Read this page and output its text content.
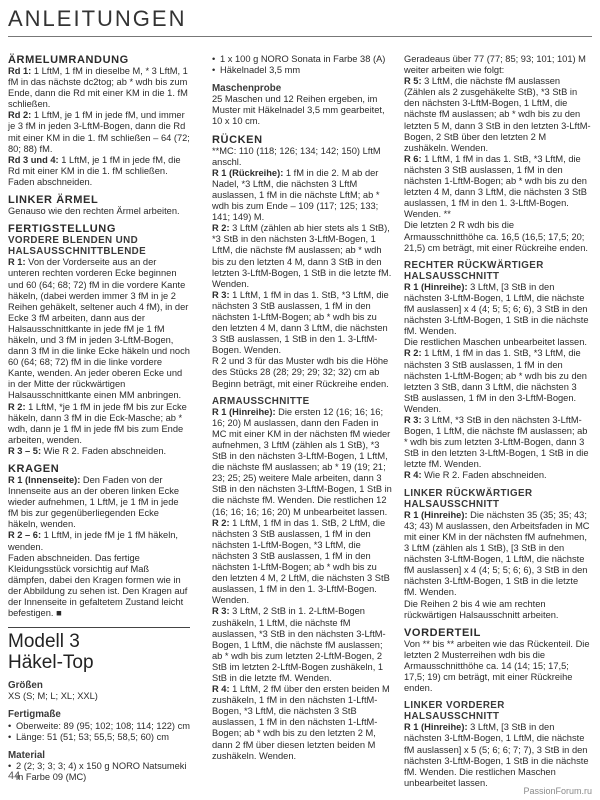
ANLEITUNGEN
ÄRMELUMRANDUNG

Rd 1: 1 LftM, 1 fM in dieselbe M, * 3 LftM, 1 fM in das nächste dc2tog; ab * wdh bis zum Ende, dann die Rd mit einer KM in die 1. fM schließen.

Rd 2: 1 LftM, je 1 fM in jede fM, und immer je 3 fM in jeden 3-LftM-Bogen, dann die Rd mit einer KM in die 1. fM schließen – 64 (72; 80; 88) fM.

Rd 3 und 4: 1 LftM, je 1 fM in jede fM, die Rd mit einer KM in die 1. fM schließen. Faden abschneiden.

LINKER ÄRMEL

Genauso wie den rechten Ärmel arbeiten.

FERTIGSTELLUNG
VORDERE BLENDEN UND HALSAUSSCHNITTBLENDE

R 1: Von der Vorderseite aus an der unteren rechten vorderen Ecke beginnen und 60 (64; 68; 72) fM in die vordere Kante häkeln, (dabei werden immer 3 fM in je 2 Reihen gehäkelt, seltener auch 4 fM), in der Ecke 3 fM arbeiten, dann aus der Halsausschnittkante in jede fM je 1 fM häkeln, und 3 fM in jeden 3-LftM-Bogen, dann 3 fM in die linke Ecke häkeln und noch 60 (64; 68; 72) fM in die linke vordere Kante, wenden. An jeder oberen Ecke und in der Mitte der rückwärtigen Halsausschnittkante einen MM anbringen.

R 2: 1 LftM, *je 1 fM in jede fM bis zur Ecke häkeln, dann 3 fM in die Eck-Masche; ab * wdh, dann je 1 fM in jede fM bis zum Ende arbeiten, wenden.

R 3 – 5: Wie R 2. Faden abschneiden.

KRAGEN

R 1 (Innenseite): Den Faden von der Innenseite aus an der oberen linken Ecke wieder aufnehmen, 1 LftM, je 1 fM in jede fM bis zur gegenüberliegenden Ecke häkeln, wenden.

R 2 – 6: 1 LftM, in jede fM je 1 fM häkeln, wenden.

Faden abschneiden. Das fertige Kleidungsstück vorsichtig auf Maß dämpfen, dabei den Kragen formen wie in der Abbildung zu sehen ist. Den Kragen auf der Innenseite in gefaltetem Zustand leicht befestigen. ■

Modell 3
Häkel-Top
Größen

XS (S; M; L; XL; XXL)

Fertigmaße
• Oberweite: 89 (95; 102; 108; 114; 122) cm
• Länge: 51 (51; 53; 55,5; 58,5; 60) cm
Material
• 2 (2; 3; 3; 3; 4) x 150 g NORO Natsumeki in Farbe 09 (MC)
• 1 x 100 g NORO Sonata in Farbe 38 (A)
• Häkelnadel 3,5 mm
Maschenprobe

25 Maschen und 12 Reihen ergeben, im Muster mit Häkelnadel 3,5 mm gearbeitet, 10 x 10 cm.

RÜCKEN

**MC: 110 (118; 126; 134; 142; 150) LftM anschl.

R 1 (Rückreihe): 1 fM in die 2. M ab der Nadel, *3 LftM, die nächsten 3 LftM auslassen, 1 fM in die nächste LftM; ab * wdh bis zum Ende – 109 (117; 125; 133; 141; 149) M.

R 2: 3 LftM (zählen ab hier stets als 1 StB), *3 StB in den nächsten 3-LftM-Bogen, 1 LftM, die nächste fM auslassen; ab * wdh bis zu den letzten 4 M, dann 3 StB in den letzten 3-LftM-Bogen, 1 StB in die letzte fM. Wenden.

R 3: 1 LftM, 1 fM in das 1. StB, *3 LftM, die nächsten 3 StB auslassen, 1 fM in den nächsten 1-LftM-Bogen; ab * wdh bis zu den letzten 4 M, dann 3 LftM, die nächsten 3 StB auslassen, 1 StB in den 1. 3-LftM-Bogen. Wenden.

R 2 und 3 für das Muster wdh bis die Höhe des Stücks 28 (28; 29; 29; 32; 32) cm ab Beginn beträgt, mit einer Rückreihe enden.

ARMAUSSCHNITTE

R 1 (Hinreihe): Die ersten 12 (16; 16; 16; 16; 20) M auslassen, dann den Faden in MC mit einer KM in der nächsten fM wieder aufnehmen, 3 LftM (zählen als 1 StB), *3 StB in den nächsten 3-LftM-Bogen, 1 LftM, die nächste fM auslassen; ab * 19 (19; 21; 23; 25; 25) weitere Male arbeiten, dann 3 StB in den nächsten 3-LftM-Bogen, 1 StB in die nächste fM. Wenden. Die restlichen 12 (16; 16; 16; 16; 20) M unbearbeitet lassen.

R 2: 1 LftM, 1 fM in das 1. StB, 2 LftM, die nächsten 3 StB auslassen, 1 fM in den nächsten 1-LftM-Bogen, *3 LftM, die nächsten 3 StB auslassen, 1 fM in den nächsten 1-LftM-Bogen; ab * wdh bis zu den letzten 4 M, 2 LftM, die nächsten 3 StB auslassen, 1 fM in den 1. 3-LftM-Bogen. Wenden.

R 3: 3 LftM, 2 StB in 1. 2-LftM-Bogen zushäkeln, 1 LftM, die nächste fM auslassen, *3 StB in den nächsten 3-LftM-Bogen, 1 LftM, die nächste fM auslassen; ab * wdh bis zum letzten 2-LftM-Bogen, 2 StB im letzten 2-LftM-Bogen zushäkeln, 1 StB in die letzte fM. Wenden.

R 4: 1 LftM, 2 fM über den ersten beiden M zushäkeln, 1 fM in den nächsten 1-LftM-Bogen, *3 LftM, die nächsten 3 StB auslassen, 1 fM in den nächsten 1-LftM-Bogen; ab * wdh bis zu den letzten 2 M, dann 2 fM über diesen letzten beiden M zushäkeln. Wenden.

Geradeaus über 77 (77; 85; 93; 101; 101) M weiter arbeiten wie folgt:

R 5: 3 LftM, die nächste fM auslassen (Zählen als 2 zusgehäkelte StB), *3 StB in den nächsten 3-LftM-Bogen, 1 LftM, die nächste fM auslassen; ab * wdh bis zu den letzten 5 M, dann 3 StB in den letzten 3-LftM-Bogen, 2 StB über den letzten 2 M zushäkeln. Wenden.

R 6: 1 LftM, 1 fM in das 1. StB, *3 LftM, die nächsten 3 StB auslassen, 1 fM in den nächsten 1-LftM-Bogen; ab * wdh bis zu den letzten 4 M, dann 3 LftM, die nächsten 3 StB auslassen, 1 fM in den 1. 3-LftM-Bogen. Wenden. **

Die letzten 2 R wdh bis die Armausschnitthöhe ca. 16,5 (16,5; 17,5; 20; 21,5) cm beträgt, mit einer Rückreihe enden.

RECHTER RÜCKWÄRTIGER HALSAUSSCHNITT

R 1 (Hinreihe): 3 LftM, [3 StB in den nächsten 3-LftM-Bogen, 1 LftM, die nächste fM auslassen] x 4 (4; 5; 5; 6; 6), 3 StB in den nächsten 3-LftM-Bogen, 1 StB in die nächste fM. Wenden.

Die restlichen Maschen unbearbeitet lassen.

R 2: 1 LftM, 1 fM in das 1. StB, *3 LftM, die nächsten 3 StB auslassen, 1 fM in den nächsten 1-LftM-Bogen; ab * wdh bis zu den letzten 3 StB, dann 3 LftM, die nächsten 3 StB auslassen, 1 fM in den 3-LftM-Bogen. Wenden.

R 3: 3 LftM, *3 StB in den nächsten 3-LftM-Bogen, 1 LftM, die nächste fM auslassen; ab * wdh bis zum letzten 3-LftM-Bogen, dann 3 StB in den letzten 3-LftM-Bogen, 1 StB in die letzte fM. Wenden.

R 4: Wie R 2. Faden abschneiden.

LINKER RÜCKWÄRTIGER HALSAUSSCHNITT

R 1 (Hinreihe): Die nächsten 35 (35; 35; 43; 43; 43) M auslassen, den Arbeitsfaden in MC mit einer KM in der nächsten fM aufnehmen, 3 LftM (zählen als 1 StB), [3 StB in den nächsten 3-LftM-Bogen, 1 LftM, die nächste fM auslassen] x 4 (4; 5; 5; 6; 6), 3 StB in den nächsten 3-LftM-Bogen, 1 StB in die letzte fM. Wenden.

Die Reihen 2 bis 4 wie am rechten rückwärtigen Halsausschnitt arbeiten.

VORDERTEIL

Von ** bis ** arbeiten wie das Rückenteil. Die letzten 2 Musterreihen wdh bis die Armausschnitthöhe ca. 14 (14; 15; 17,5; 17,5; 19) cm beträgt, mit einer Rückreihe enden.

LINKER VORDERER HALSAUSSCHNITT

R 1 (Hinreihe): 3 LftM, [3 StB in den nächsten 3-LftM-Bogen, 1 LftM, die nächste fM auslassen] x 5 (5; 6; 6; 7; 7), 3 StB in den nächsten 3-LftM-Bogen, 1 StB in die nächste fM. Wenden. Die restlichen Maschen unbearbeitet lassen.

44
PassionForum.ru
